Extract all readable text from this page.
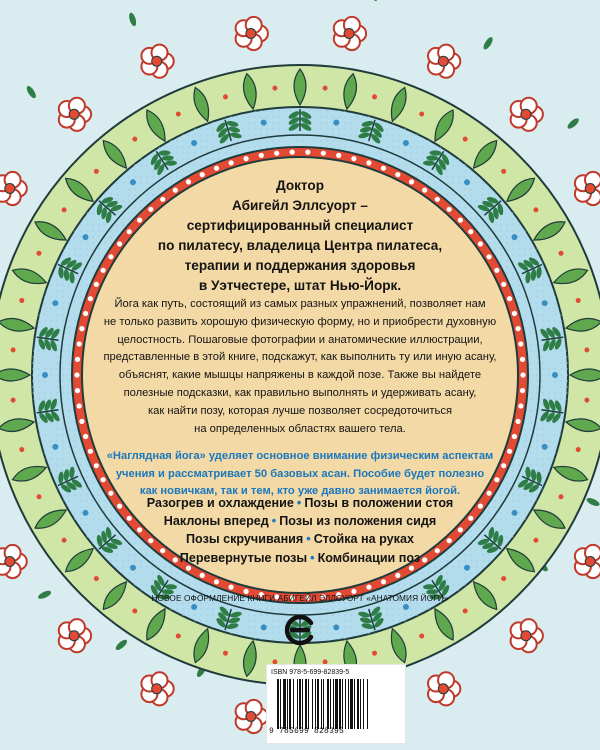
Доктор
Абигейл Эллсуорт –
сертифицированный специалист
по пилатесу, владелица Центра пилатеса,
терапии и поддержания здоровья
в Уэтчестере, штат Нью-Йорк.

Йога как путь, состоящий из самых разных упражнений, позволяет нам
не только развить хорошую физическую форму, но и приобрести духовную
целостность. Пошаговые фотографии и анатомические иллюстрации,
представленные в этой книге, подскажут, как выполнить ту или иную асану,
объяснят, какие мышцы напряжены в каждой позе. Также вы найдете
полезные подсказки, как правильно выполнять и удерживать асану,
как найти позу, которая лучше позволяет сосредоточиться
на определенных областях вашего тела.

«Наглядная йога» уделяет основное внимание физическим аспектам
учения и рассматривает 50 базовых асан. Пособие будет полезно
как новичкам, так и тем, кто уже давно занимается йогой.

Разогрев и охлаждение • Позы в положении стоя
Наклоны вперед • Позы из положения сидя
Позы скручивания • Стойка на руках
Перевернутые позы • Комбинации поз

НОВОЕ ОФОРМЛЕНИЕ КНИГИ АБИГЕЙЛ ЭЛЛСУОРТ «АНАТОМИЯ ЙОГИ»

ISBN 978-5-699-82839-5
9 785699 828395
